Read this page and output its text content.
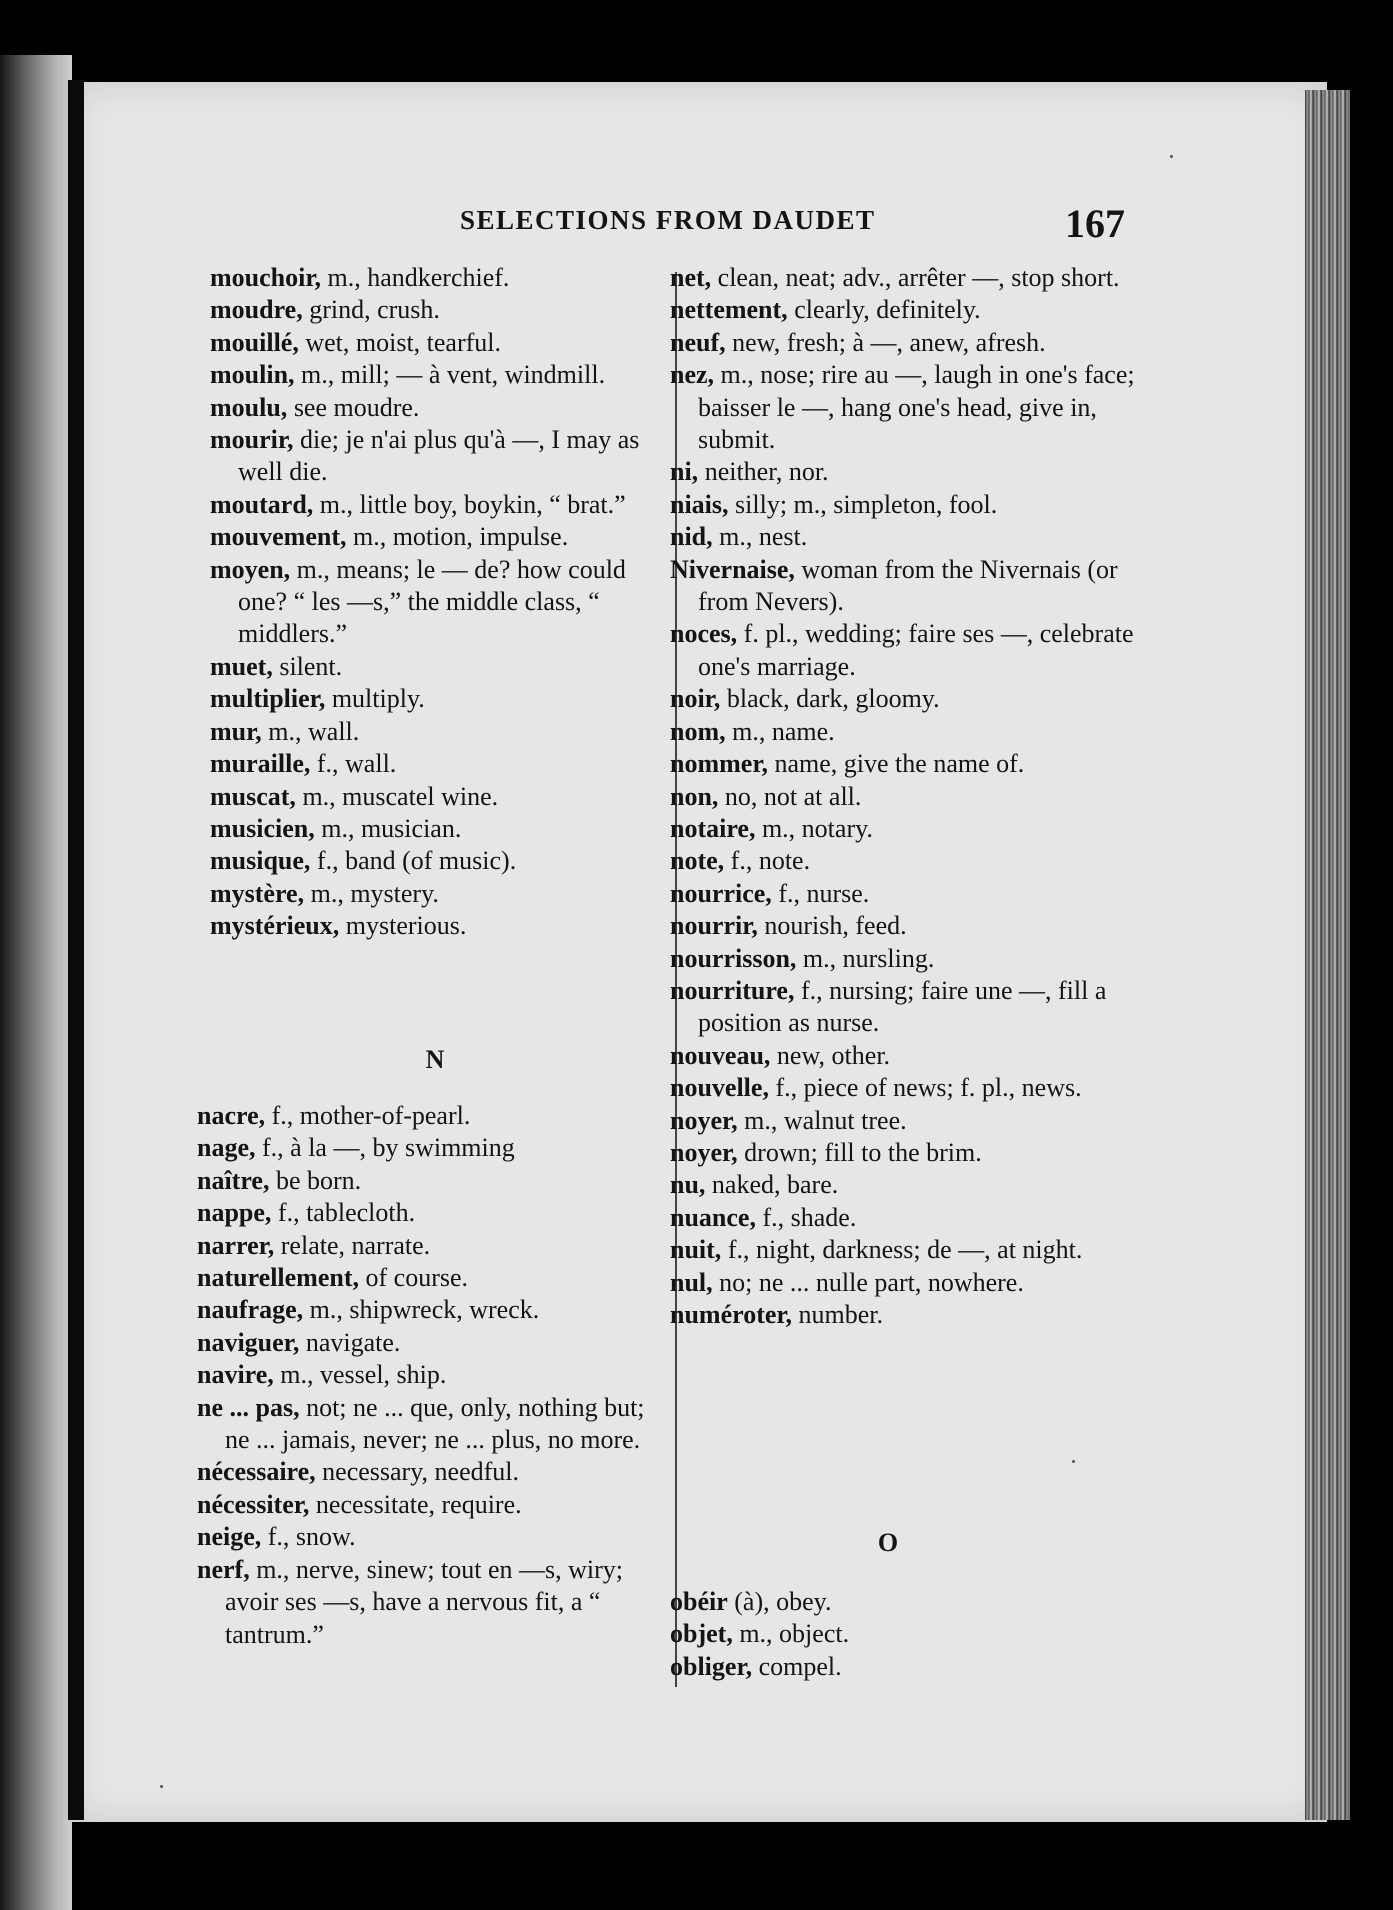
SELECTIONS FROM DAUDET	167
mouchoir, m., handkerchief.
moudre, grind, crush.
mouillé, wet, moist, tearful.
moulin, m., mill; — à vent, windmill.
moulu, see moudre.
mourir, die; je n'ai plus qu'à —, I may as well die.
moutard, m., little boy, boykin, “ brat.”
mouvement, m., motion, impulse.
moyen, m., means; le — de? how could one? “ les —s,” the middle class, “ middlers.”
muet, silent.
multiplier, multiply.
mur, m., wall.
muraille, f., wall.
muscat, m., muscatel wine.
musicien, m., musician.
musique, f., band (of music).
mystère, m., mystery.
mystérieux, mysterious.
N
nacre, f., mother-of-pearl.
nage, f., à la —, by swimming
naître, be born.
nappe, f., tablecloth.
narrer, relate, narrate.
naturellement, of course.
naufrage, m., shipwreck, wreck.
naviguer, navigate.
navire, m., vessel, ship.
ne ... pas, not; ne ... que, only, nothing but; ne ... jamais, never; ne ... plus, no more.
nécessaire, necessary, needful.
nécessiter, necessitate, require.
neige, f., snow.
nerf, m., nerve, sinew; tout en —s, wiry; avoir ses —s, have a nervous fit, a “ tantrum.”
net, clean, neat; adv., arrêter —, stop short.
nettement, clearly, definitely.
neuf, new, fresh; à —, anew, afresh.
nez, m., nose; rire au —, laugh in one's face; baisser le —, hang one's head, give in, submit.
ni, neither, nor.
niais, silly; m., simpleton, fool.
nid, m., nest.
Nivernaise, woman from the Nivernais (or from Nevers).
noces, f. pl., wedding; faire ses —, celebrate one's marriage.
noir, black, dark, gloomy.
nom, m., name.
nommer, name, give the name of.
non, no, not at all.
notaire, m., notary.
note, f., note.
nourrice, f., nurse.
nourrir, nourish, feed.
nourrisson, m., nursling.
nourriture, f., nursing; faire une —, fill a position as nurse.
nouveau, new, other.
nouvelle, f., piece of news; f. pl., news.
noyer, m., walnut tree.
noyer, drown; fill to the brim.
nu, naked, bare.
nuance, f., shade.
nuit, f., night, darkness; de —, at night.
nul, no; ne ... nulle part, nowhere.
numéroter, number.
O
obéir (à), obey.
objet, m., object.
obliger, compel.
